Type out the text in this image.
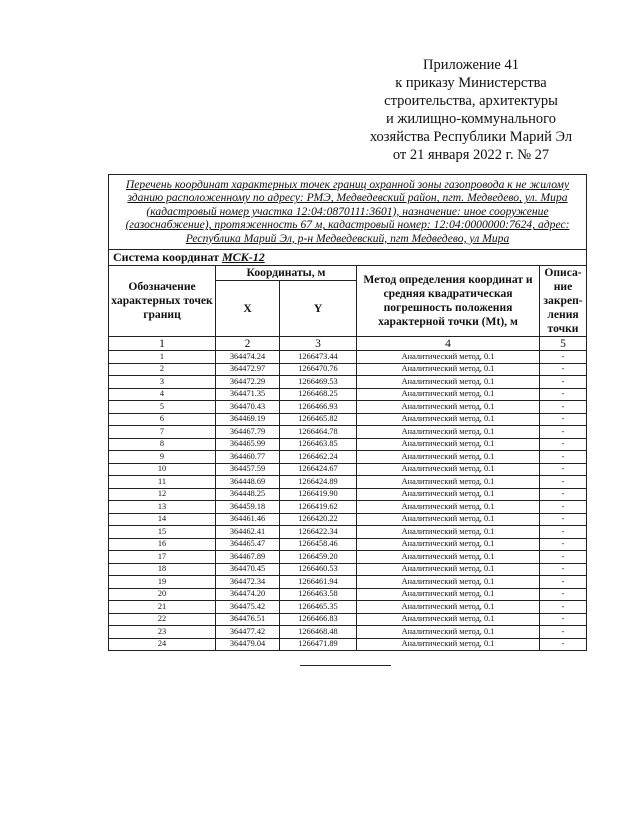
Приложение 41
к приказу Министерства
строительства, архитектуры
и жилищно-коммунального
хозяйства Республики Марий Эл
от 21 января 2022 г. № 27
Перечень координат характерных точек границ охранной зоны газопровода к не жилому зданию расположенному по адресу: РМЭ, Медведевский район, пгт. Медведево, ул. Мира (кадастровый номер участка 12:04:0870111:3601), назначение: иное сооружение (газоснабжение), протяженность 67 м, кадастровый номер: 12:04:0000000:7624, адрес: Республика Марий Эл, р-н Медведевский, пгт Медведево, ул Мира				
Система координат МСК-12				
Обозначение характерных точек границ	Координаты, м		Метод определения координат и средняя квадратическая погрешность положения характерной точки (Mt), м	Описа- ние закреп- ления точки
	X	Y		
1	2	3	4	5
1	364474.24	1266473.44	Аналитический метод, 0.1	-
2	364472.97	1266470.76	Аналитический метод, 0.1	-
3	364472.29	1266469.53	Аналитический метод, 0.1	-
4	364471.35	1266468.25	Аналитический метод, 0.1	-
5	364470.43	1266466.93	Аналитический метод, 0.1	-
6	364469.19	1266465.82	Аналитический метод, 0.1	-
7	364467.79	1266464.78	Аналитический метод, 0.1	-
8	364465.99	1266463.85	Аналитический метод, 0.1	-
9	364460.77	1266462.24	Аналитический метод, 0.1	-
10	364457.59	1266424.67	Аналитический метод, 0.1	-
11	364448.69	1266424.89	Аналитический метод, 0.1	-
12	364448.25	1266419.90	Аналитический метод, 0.1	-
13	364459.18	1266419.62	Аналитический метод, 0.1	-
14	364461.46	1266420.22	Аналитический метод, 0.1	-
15	364462.41	1266422.34	Аналитический метод, 0.1	-
16	364465.47	1266458.46	Аналитический метод, 0.1	-
17	364467.89	1266459.20	Аналитический метод, 0.1	-
18	364470.45	1266460.53	Аналитический метод, 0.1	-
19	364472.34	1266461.94	Аналитический метод, 0.1	-
20	364474.20	1266463.58	Аналитический метод, 0.1	-
21	364475.42	1266465.35	Аналитический метод, 0.1	-
22	364476.51	1266466.83	Аналитический метод, 0.1	-
23	364477.42	1266468.48	Аналитический метод, 0.1	-
24	364479.04	1266471.89	Аналитический метод, 0.1	-
